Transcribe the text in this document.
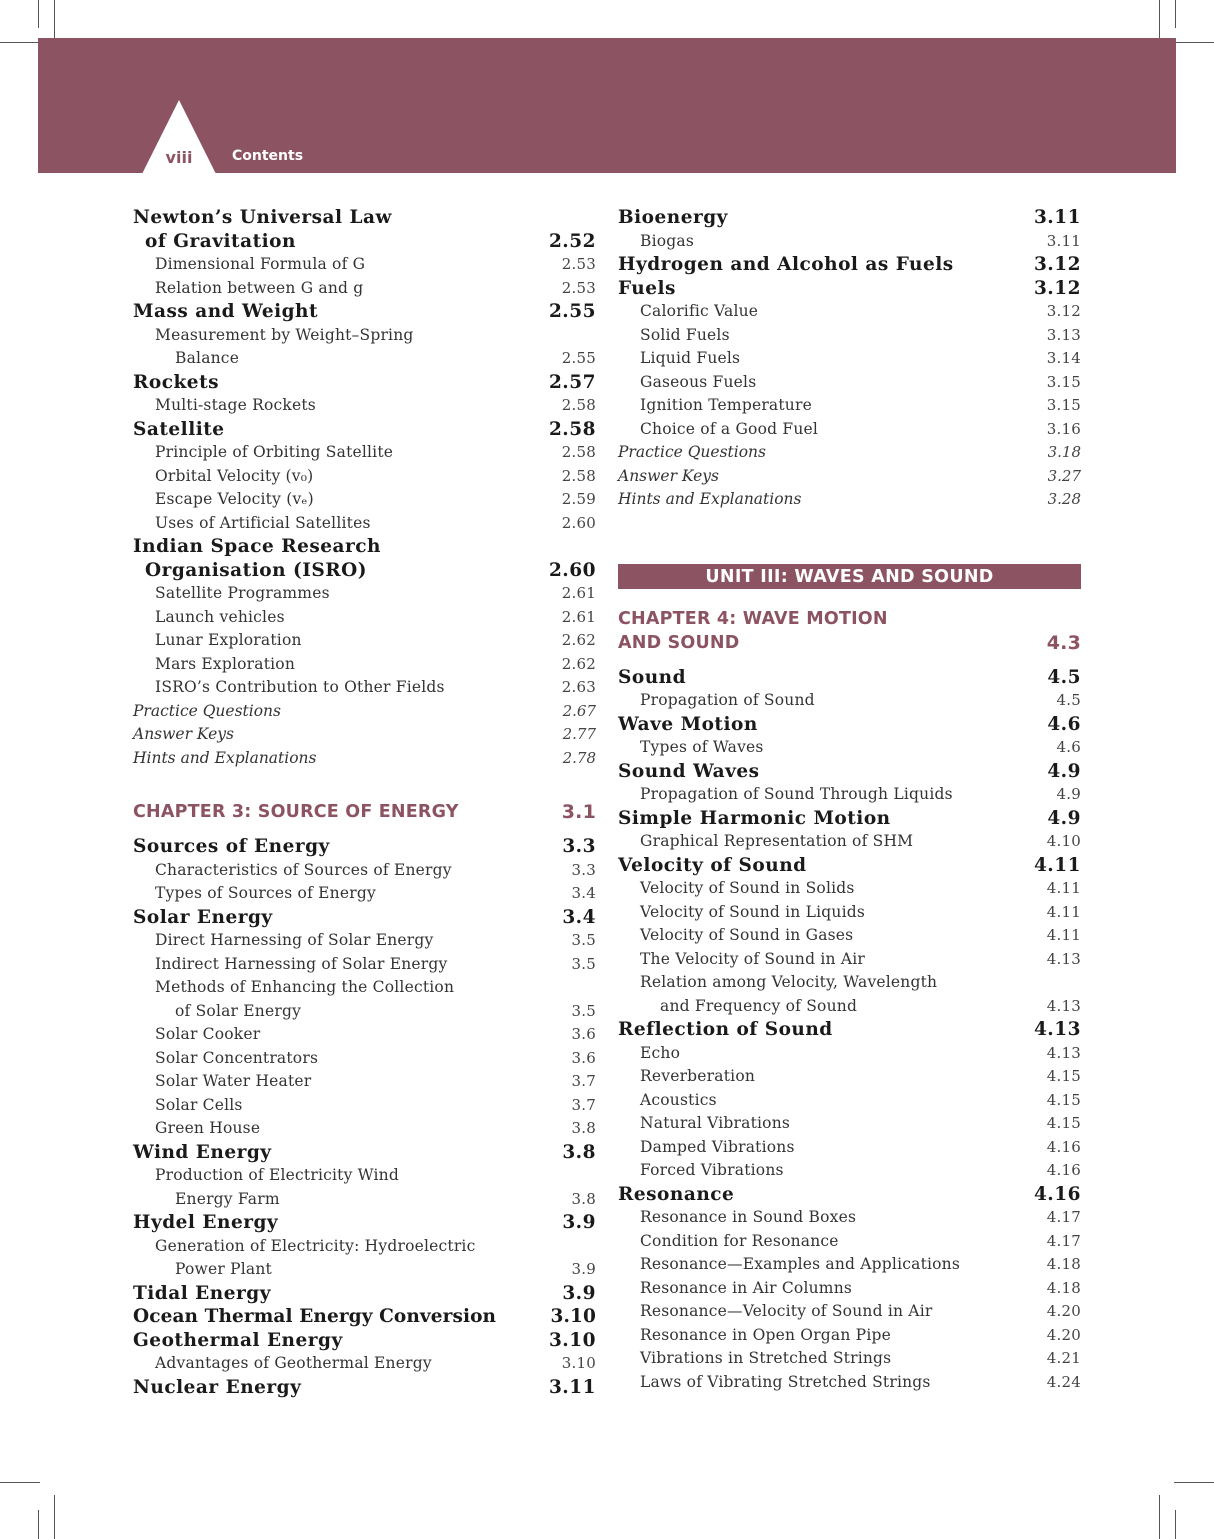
viii	Contents
Newton’s Universal Law
of Gravitation	2.52
Dimensional Formula of G	2.53
Relation between G and g	2.53
Mass and Weight	2.55
Measurement by Weight–Spring
Balance	2.55
Rockets	2.57
Multi-stage Rockets	2.58
Satellite	2.58
Principle of Orbiting Satellite	2.58
Orbital Velocity (v₀)	2.58
Escape Velocity (vₑ)	2.59
Uses of Artificial Satellites	2.60
Indian Space Research
Organisation (ISRO)	2.60
Satellite Programmes	2.61
Launch vehicles	2.61
Lunar Exploration	2.62
Mars Exploration	2.62
ISRO’s Contribution to Other Fields	2.63
Practice Questions	2.67
Answer Keys	2.77
Hints and Explanations	2.78
CHAPTER 3: SOURCE OF ENERGY	3.1
Sources of Energy	3.3
Characteristics of Sources of Energy	3.3
Types of Sources of Energy	3.4
Solar Energy	3.4
Direct Harnessing of Solar Energy	3.5
Indirect Harnessing of Solar Energy	3.5
Methods of Enhancing the Collection
of Solar Energy	3.5
Solar Cooker	3.6
Solar Concentrators	3.6
Solar Water Heater	3.7
Solar Cells	3.7
Green House	3.8
Wind Energy	3.8
Production of Electricity Wind
Energy Farm	3.8
Hydel Energy	3.9
Generation of Electricity: Hydroelectric
Power Plant	3.9
Tidal Energy	3.9
Ocean Thermal Energy Conversion	3.10
Geothermal Energy	3.10
Advantages of Geothermal Energy	3.10
Nuclear Energy	3.11
Bioenergy	3.11
Biogas	3.11
Hydrogen and Alcohol as Fuels	3.12
Fuels	3.12
Calorific Value	3.12
Solid Fuels	3.13
Liquid Fuels	3.14
Gaseous Fuels	3.15
Ignition Temperature	3.15
Choice of a Good Fuel	3.16
Practice Questions	3.18
Answer Keys	3.27
Hints and Explanations	3.28
UNIT III: WAVES AND SOUND
CHAPTER 4: WAVE MOTION
AND SOUND	4.3
Sound	4.5
Propagation of Sound	4.5
Wave Motion	4.6
Types of Waves	4.6
Sound Waves	4.9
Propagation of Sound Through Liquids	4.9
Simple Harmonic Motion	4.9
Graphical Representation of SHM	4.10
Velocity of Sound	4.11
Velocity of Sound in Solids	4.11
Velocity of Sound in Liquids	4.11
Velocity of Sound in Gases	4.11
The Velocity of Sound in Air	4.13
Relation among Velocity, Wavelength
and Frequency of Sound	4.13
Reflection of Sound	4.13
Echo	4.13
Reverberation	4.15
Acoustics	4.15
Natural Vibrations	4.15
Damped Vibrations	4.16
Forced Vibrations	4.16
Resonance	4.16
Resonance in Sound Boxes	4.17
Condition for Resonance	4.17
Resonance—Examples and Applications	4.18
Resonance in Air Columns	4.18
Resonance—Velocity of Sound in Air	4.20
Resonance in Open Organ Pipe	4.20
Vibrations in Stretched Strings	4.21
Laws of Vibrating Stretched Strings	4.24
